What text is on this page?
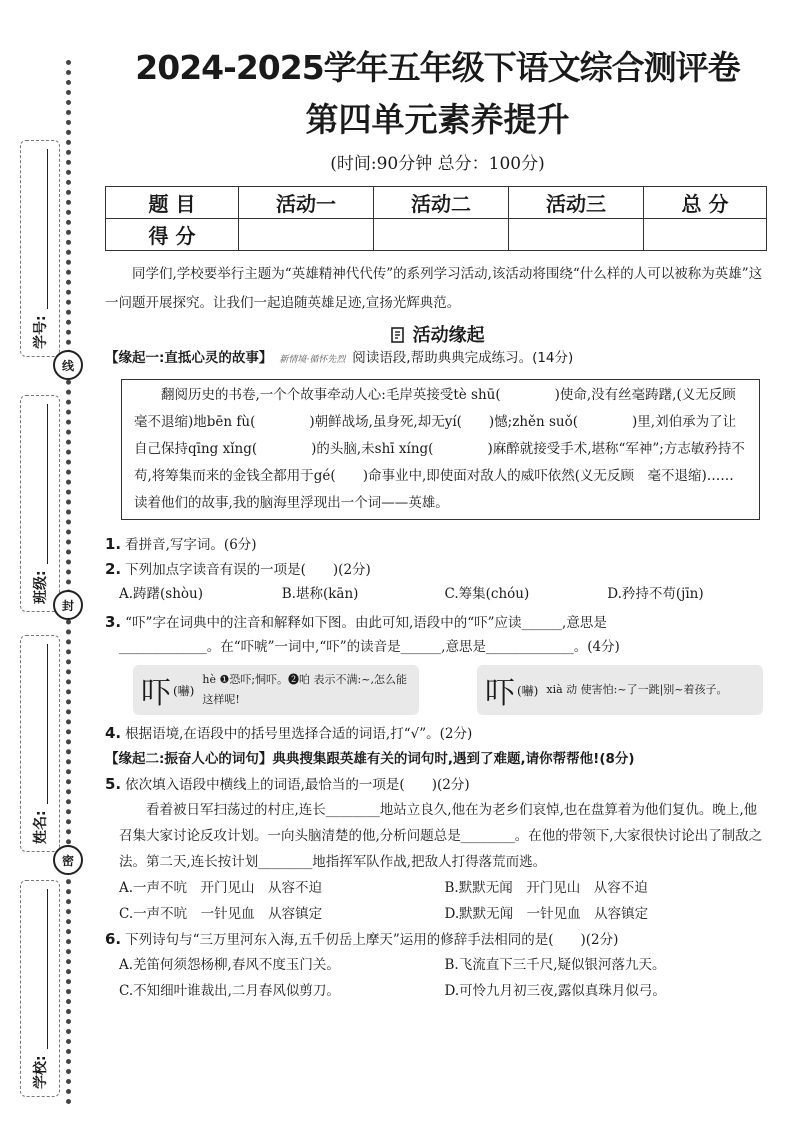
学号:
线
班级:
封
姓名:
密
学校:
2024-2025学年五年级下语文综合测评卷
第四单元素养提升
(时间:90分钟 总分：100分)
题 目	活动一	活动二	活动三	总 分
得 分				
同学们,学校要举行主题为“英雄精神代代传”的系列学习活动,该活动将围绕“什么样的人可以被称为英雄”这一问题开展探究。让我们一起追随英雄足迹,宣扬光辉典范。
活动缘起
【缘起一:直抵心灵的故事】 新情境·循怀先烈 阅读语段,帮助典典完成练习。(14分)

翻阅历史的书卷,一个个故事牵动人心:毛岸英接受tè shū(　　　　)使命,没有丝毫踌躇,(义无反顾　毫不退缩)地bēn fù(　　　　)朝鲜战场,虽身死,却无yí(　　)憾;zhěn suǒ(　　　　)里,刘伯承为了让自己保持qīng xǐng(　　　　)的头脑,未shī xíng(　　　　)麻醉就接受手术,堪称“军神”;方志敏矜持不苟,将筹集而来的金钱全都用于gé(　　)命事业中,即使面对敌人的威吓依然(义无反顾　毫不退缩)……读着他们的故事,我的脑海里浮现出一个词——英雄。

1. 看拼音,写字词。(6分)
2. 下列加点字读音有误的一项是(　　)(2分)
A.踌躇(shòu)	B.堪称(kān)	C.筹集(chóu)	D.矜持不苟(jīn)
3. “吓”字在词典中的注音和解释如下图。由此可知,语段中的“吓”应读______,意思是
_____________。在“吓唬”一词中,“吓”的读音是______,意思是_____________。(4分)
吓 (嚇)
hè ❶恐吓;恫吓。❷㕷 表示不满:~,怎么能这样呢!	吓 (嚇) xià 动 使害怕:~了一跳|别~着孩子。
4. 根据语境,在语段中的括号里选择合适的词语,打“√”。(2分)
【缘起二:振奋人心的词句】典典搜集跟英雄有关的词句时,遇到了难题,请你帮帮他!(8分)
5. 依次填入语段中横线上的词语,最恰当的一项是(　　)(2分)

看着被日军扫荡过的村庄,连长________地站立良久,他在为老乡们哀悼,也在盘算着为他们复仇。晚上,他召集大家讨论反攻计划。一向头脑清楚的他,分析问题总是________。在他的带领下,大家很快讨论出了制敌之法。第二天,连长按计划________地指挥军队作战,把敌人打得落荒而逃。

A.一声不吭　开门见山　从容不迫	B.默默无闻　开门见山　从容不迫
C.一声不吭　一针见血　从容镇定	D.默默无闻　一针见血　从容镇定
6. 下列诗句与“三万里河东入海,五千仞岳上摩天”运用的修辞手法相同的是(　　)(2分)
A.羌笛何须怨杨柳,春风不度玉门关。	B.飞流直下三千尺,疑似银河落九天。
C.不知细叶谁裁出,二月春风似剪刀。	D.可怜九月初三夜,露似真珠月似弓。
